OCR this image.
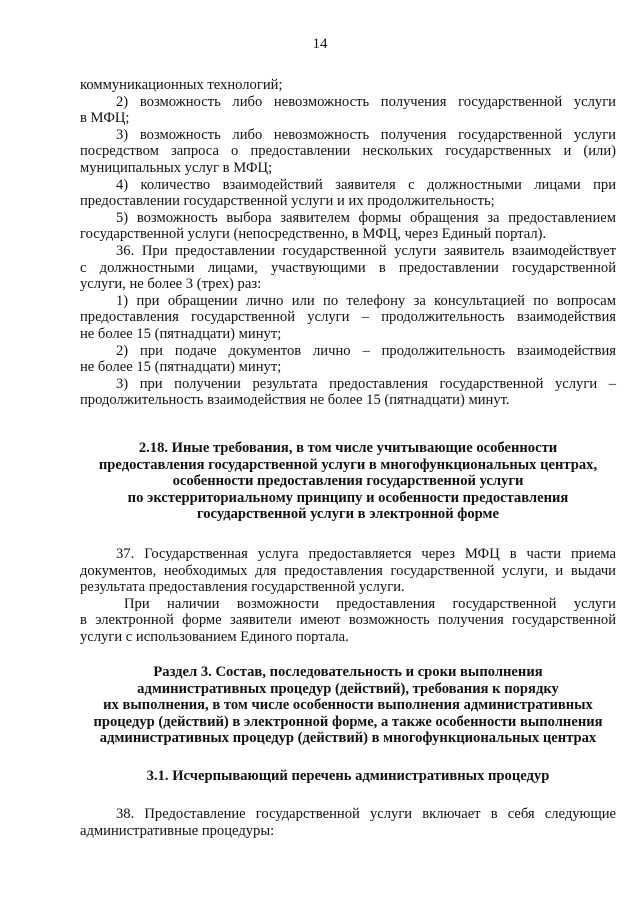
14
коммуникационных технологий;
2) возможность либо невозможность получения государственной услуги
в МФЦ;
3) возможность либо невозможность получения государственной услуги
посредством запроса о предоставлении нескольких государственных и (или)
муниципальных услуг в МФЦ;
4) количество взаимодействий заявителя с должностными лицами при
предоставлении государственной услуги и их продолжительность;
5) возможность выбора заявителем формы обращения за предоставлением
государственной услуги (непосредственно, в МФЦ, через Единый портал).
36. При предоставлении государственной услуги заявитель взаимодействует
с должностными лицами, участвующими в предоставлении государственной
услуги, не более 3 (трех) раз:
1) при обращении лично или по телефону за консультацией по вопросам
предоставления государственной услуги – продолжительность взаимодействия
не более 15 (пятнадцати) минут;
2) при подаче документов лично – продолжительность взаимодействия
не более 15 (пятнадцати) минут;
3) при получении результата предоставления государственной услуги –
продолжительность взаимодействия не более 15 (пятнадцати) минут.
2.18. Иные требования, в том числе учитывающие особенности
предоставления государственной услуги в многофункциональных центрах,
особенности предоставления государственной услуги
по экстерриториальному принципу и особенности предоставления
государственной услуги в электронной форме
37. Государственная услуга предоставляется через МФЦ в части приема
документов, необходимых для предоставления государственной услуги, и выдачи
результата предоставления государственной услуги.
При наличии возможности предоставления государственной услуги
в электронной форме заявители имеют возможность получения государственной
услуги с использованием Единого портала.
Раздел 3. Состав, последовательность и сроки выполнения
административных процедур (действий), требования к порядку
их выполнения, в том числе особенности выполнения административных
процедур (действий) в электронной форме, а также особенности выполнения
административных процедур (действий) в многофункциональных центрах
3.1. Исчерпывающий перечень административных процедур
38. Предоставление государственной услуги включает в себя следующие
административные процедуры:
